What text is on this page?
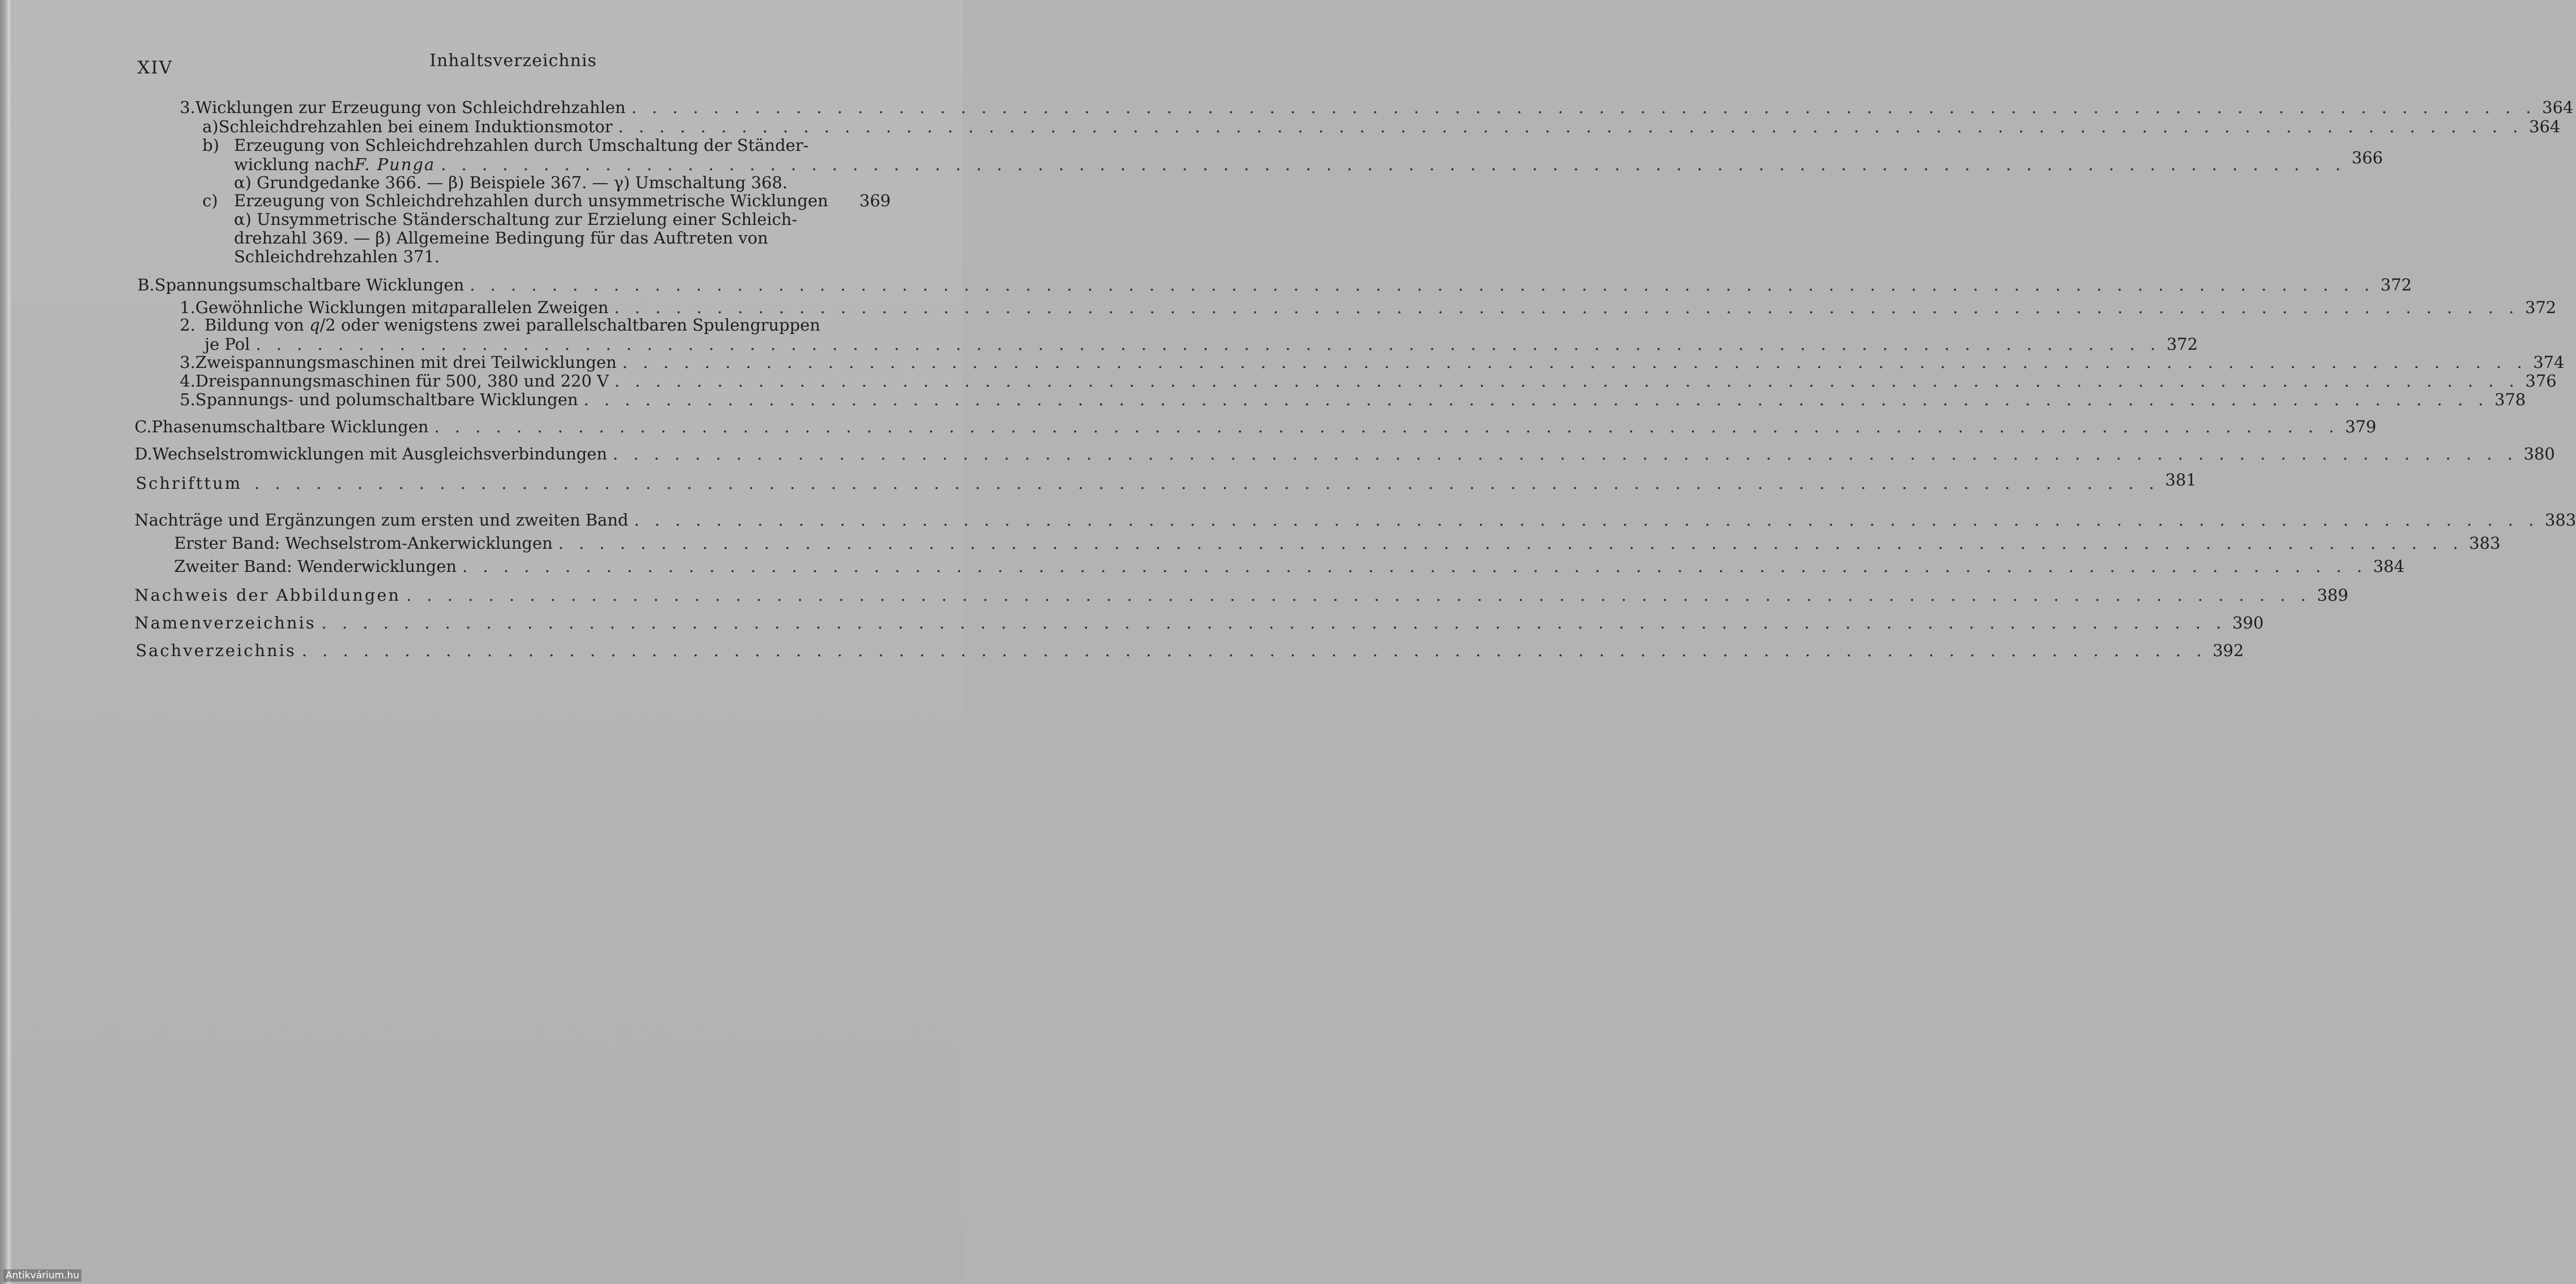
XIV	Inhaltsverzeichnis
3. Wicklungen zur Erzeugung von Schleichdrehzahlen . . . . . . . . . . . . . . . . . . . . . . . . . . . . . . . . . . . . . . . . . . . . . . . . . . . . . . . . . . . . . . . . . . . . . . . . . . . . . . . . . . . . . . . . . . . . . 364
a) Schleichdrehzahlen bei einem Induktionsmotor . . . . . . . . . . . . . . . . . . . . . . . . . . . . . . . . . . . . . . . . . . . . . . . . . . . . . . . . . . . . . . . . . . . . . . . . . . . . . . . . . . . . . . . . . . . . . 364
b) Erzeugung von Schleichdrehzahlen durch Umschaltung der Ständer-
wicklung nach F. Punga . . . . . . . . . . . . . . . . . . . . . . . . . . . . . . . . . . . . . . . . . . . . . . . . . . . . . . . . . . . . . . . . . . . . . . . . . . . . . . . . . . . . . . . . . . . . . 366
α) Grundgedanke 366. — β) Beispiele 367. — γ) Umschaltung 368.
c) Erzeugung von Schleichdrehzahlen durch unsymmetrische Wicklungen 369
α) Unsymmetrische Ständerschaltung zur Erzielung einer Schleich-
drehzahl 369. — β) Allgemeine Bedingung für das Auftreten von
Schleichdrehzahlen 371.
B. Spannungsumschaltbare Wicklungen . . . . . . . . . . . . . . . . . . . . . . . . . . . . . . . . . . . . . . . . . . . . . . . . . . . . . . . . . . . . . . . . . . . . . . . . . . . . . . . . . . . . . . . . . . . . . 372
1. Gewöhnliche Wicklungen mit a parallelen Zweigen . . . . . . . . . . . . . . . . . . . . . . . . . . . . . . . . . . . . . . . . . . . . . . . . . . . . . . . . . . . . . . . . . . . . . . . . . . . . . . . . . . . . . . . . . . . . . 372
2. Bildung von q/2 oder wenigstens zwei parallelschaltbaren Spulengruppen
je Pol . . . . . . . . . . . . . . . . . . . . . . . . . . . . . . . . . . . . . . . . . . . . . . . . . . . . . . . . . . . . . . . . . . . . . . . . . . . . . . . . . . . . . . . . . . . . . 372
3. Zweispannungsmaschinen mit drei Teilwicklungen . . . . . . . . . . . . . . . . . . . . . . . . . . . . . . . . . . . . . . . . . . . . . . . . . . . . . . . . . . . . . . . . . . . . . . . . . . . . . . . . . . . . . . . . . . . . . 374
4. Dreispannungsmaschinen für 500, 380 und 220 V . . . . . . . . . . . . . . . . . . . . . . . . . . . . . . . . . . . . . . . . . . . . . . . . . . . . . . . . . . . . . . . . . . . . . . . . . . . . . . . . . . . . . . . . . . . . . 376
5. Spannungs- und polumschaltbare Wicklungen . . . . . . . . . . . . . . . . . . . . . . . . . . . . . . . . . . . . . . . . . . . . . . . . . . . . . . . . . . . . . . . . . . . . . . . . . . . . . . . . . . . . . . . . . . . . . 378
C. Phasenumschaltbare Wicklungen . . . . . . . . . . . . . . . . . . . . . . . . . . . . . . . . . . . . . . . . . . . . . . . . . . . . . . . . . . . . . . . . . . . . . . . . . . . . . . . . . . . . . . . . . . . . . 379
D. Wechselstromwicklungen mit Ausgleichsverbindungen . . . . . . . . . . . . . . . . . . . . . . . . . . . . . . . . . . . . . . . . . . . . . . . . . . . . . . . . . . . . . . . . . . . . . . . . . . . . . . . . . . . . . . . . . . . . . 380
Schrifttum . . . . . . . . . . . . . . . . . . . . . . . . . . . . . . . . . . . . . . . . . . . . . . . . . . . . . . . . . . . . . . . . . . . . . . . . . . . . . . . . . . . . . . . . . . . . . 381
Nachträge und Ergänzungen zum ersten und zweiten Band . . . . . . . . . . . . . . . . . . . . . . . . . . . . . . . . . . . . . . . . . . . . . . . . . . . . . . . . . . . . . . . . . . . . . . . . . . . . . . . . . . . . . . . . . . . . . 383
Erster Band: Wechselstrom-Ankerwicklungen . . . . . . . . . . . . . . . . . . . . . . . . . . . . . . . . . . . . . . . . . . . . . . . . . . . . . . . . . . . . . . . . . . . . . . . . . . . . . . . . . . . . . . . . . . . . . 383
Zweiter Band: Wenderwicklungen . . . . . . . . . . . . . . . . . . . . . . . . . . . . . . . . . . . . . . . . . . . . . . . . . . . . . . . . . . . . . . . . . . . . . . . . . . . . . . . . . . . . . . . . . . . . . 384
Nachweis der Abbildungen . . . . . . . . . . . . . . . . . . . . . . . . . . . . . . . . . . . . . . . . . . . . . . . . . . . . . . . . . . . . . . . . . . . . . . . . . . . . . . . . . . . . . . . . . . . . . 389
Namenverzeichnis . . . . . . . . . . . . . . . . . . . . . . . . . . . . . . . . . . . . . . . . . . . . . . . . . . . . . . . . . . . . . . . . . . . . . . . . . . . . . . . . . . . . . . . . . . . . . 390
Sachverzeichnis . . . . . . . . . . . . . . . . . . . . . . . . . . . . . . . . . . . . . . . . . . . . . . . . . . . . . . . . . . . . . . . . . . . . . . . . . . . . . . . . . . . . . . . . . . . . . 392
Antikvárium.hu
